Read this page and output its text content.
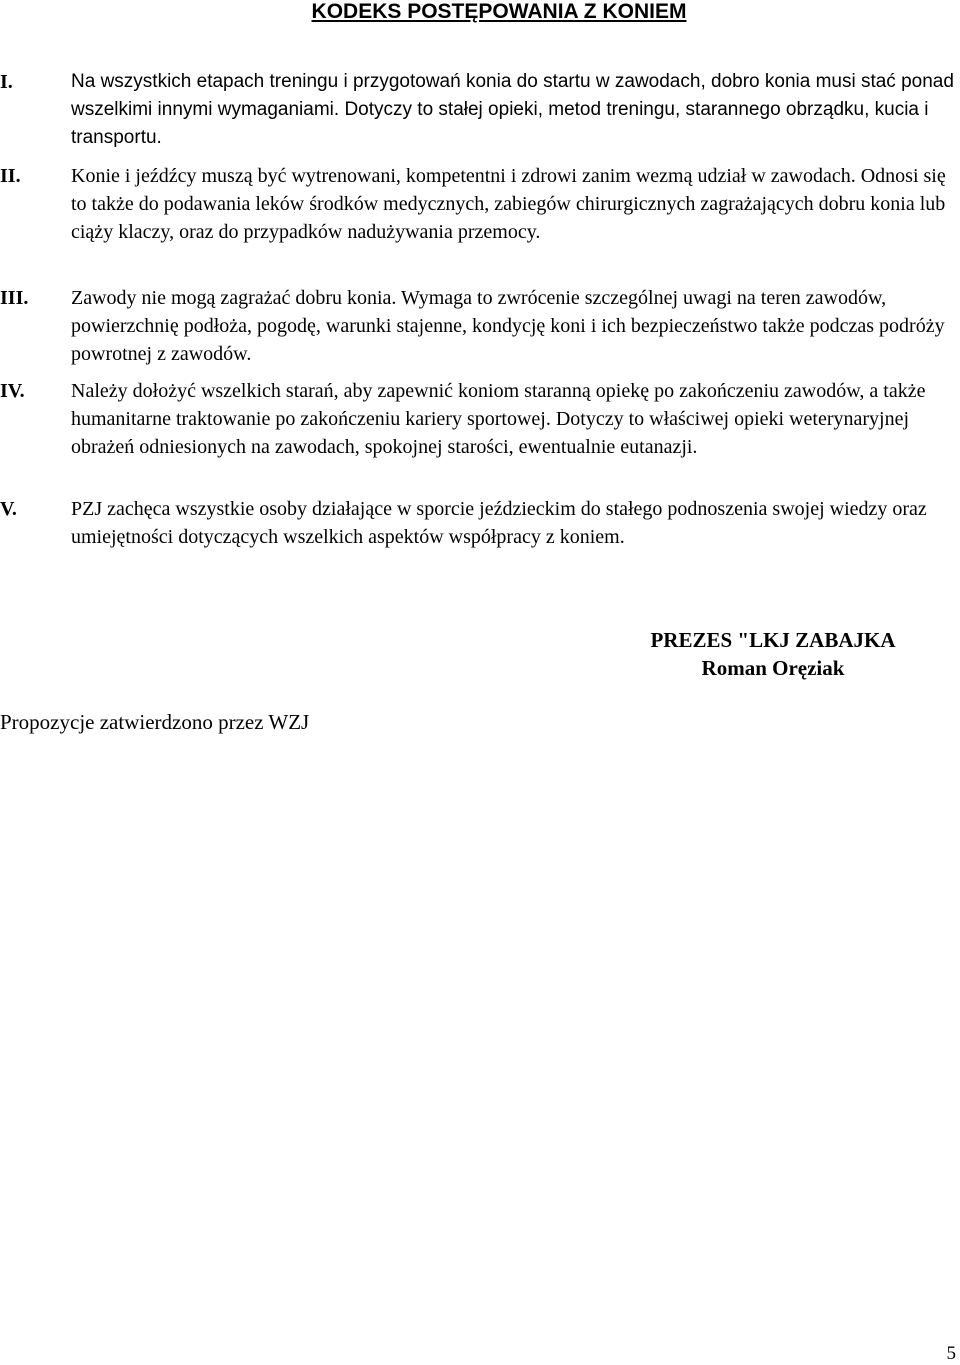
KODEKS POSTĘPOWANIA Z KONIEM
I.	Na wszystkich etapach treningu i przygotowań konia do startu w zawodach, dobro konia musi stać ponad wszelkimi innymi wymaganiami. Dotyczy to stałej opieki, metod treningu, starannego obrządku, kucia i transportu.
II.	Konie i jeźdźcy muszą być wytrenowani, kompetentni i zdrowi zanim wezmą udział w zawodach. Odnosi się to także do podawania leków środków medycznych, zabiegów chirurgicznych zagrażających dobru konia lub ciąży klaczy, oraz do przypadków nadużywania przemocy.
III. Zawody nie mogą zagrażać dobru konia. Wymaga to zwrócenie szczególnej uwagi na teren zawodów, powierzchnię podłoża, pogodę, warunki stajenne, kondycję koni i ich bezpieczeństwo także podczas podróży powrotnej z zawodów.
IV. Należy dołożyć wszelkich starań, aby zapewnić koniom staranną opiekę po zakończeniu zawodów, a także humanitarne traktowanie po zakończeniu kariery sportowej. Dotyczy to właściwej opieki weterynaryjnej obrażeń odniesionych na zawodach, spokojnej starości, ewentualnie eutanazji.
V.	PZJ zachęca wszystkie osoby działające w sporcie jeździeckim do stałego podnoszenia swojej wiedzy oraz umiejętności dotyczących wszelkich aspektów współpracy z koniem.
PREZES "LKJ ZABAJKA
Roman Oręziak
Propozycje zatwierdzono przez WZJ
5
